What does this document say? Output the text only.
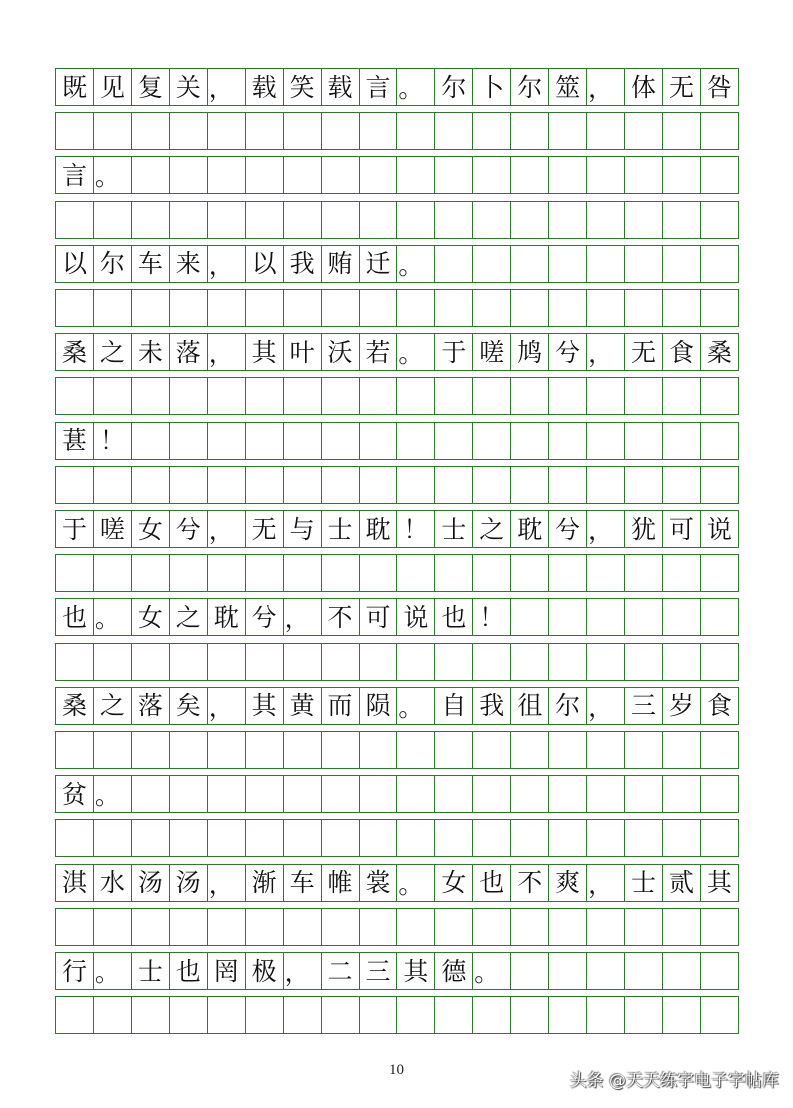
既 见 复 关 ， 载 笑 载 言 。 尔 卜 尔 筮 ， 体 无 咎
言 。
以 尔 车 来 ， 以 我 贿 迁 。
桑 之 未 落 ， 其 叶 沃 若 。 于 嗟 鸠 兮 ， 无 食 桑
葚 ！
于 嗟 女 兮 ， 无 与 士 耽 ！ 士 之 耽 兮 ， 犹 可 说
也 。 女 之 耽 兮 ， 不 可 说 也 ！
桑 之 落 矣 ， 其 黄 而 陨 。 自 我 徂 尔 ， 三 岁 食
贫 。
淇 水 汤 汤 ， 渐 车 帷 裳 。 女 也 不 爽 ， 士 贰 其
行 。 士 也 罔 极 ， 二 三 其 德 。
10
头条 @天天练字电子字帖库
